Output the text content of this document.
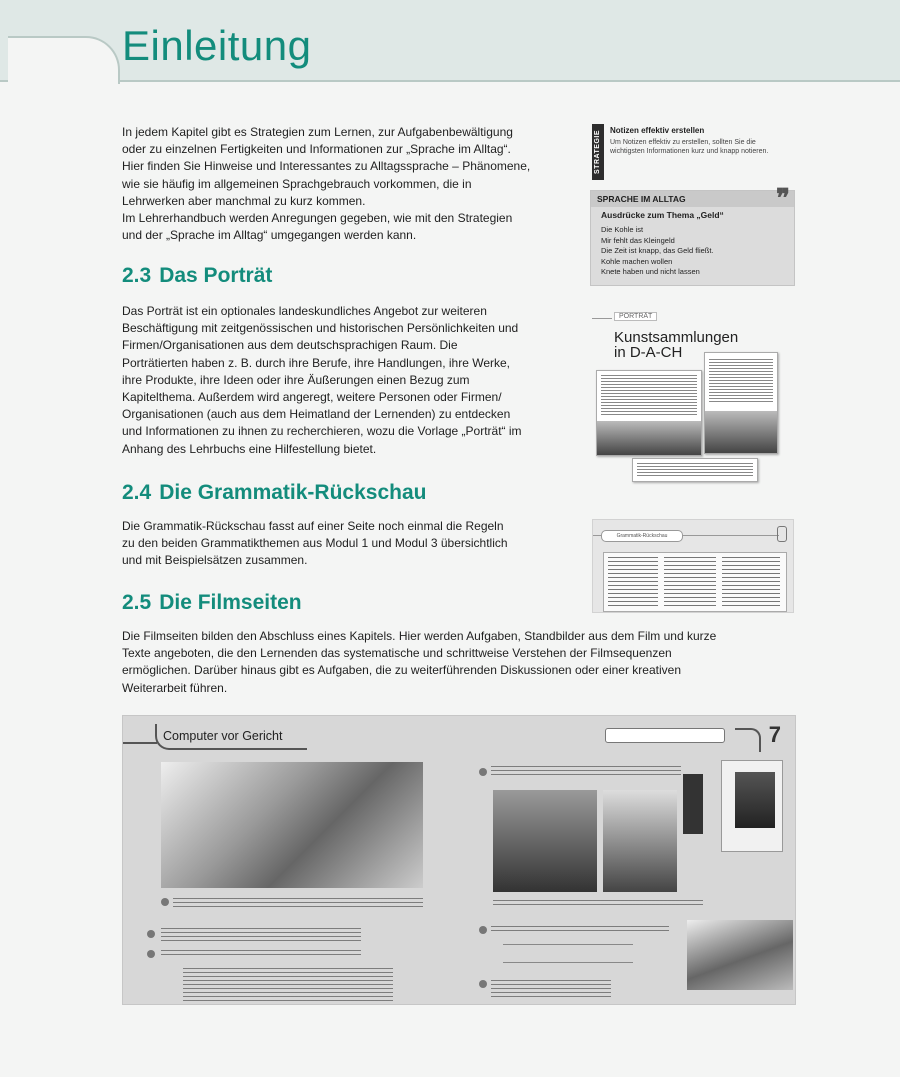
Einleitung

In jedem Kapitel gibt es Strategien zum Lernen, zur Aufgabenbewältigung

oder zu einzelnen Fertigkeiten und Informationen zur „Sprache im Alltag“.

Hier finden Sie Hinweise und Interessantes zu Alltagssprache – Phänomene,

wie sie häufig im allgemeinen Sprachgebrauch vorkommen, die in

Lehrwerken aber manchmal zu kurz kommen.

Im Lehrerhandbuch werden Anregungen gegeben, wie mit den Strategien

und der „Sprache im Alltag“ umgegangen werden kann.

2.3 Das Porträt

Das Porträt ist ein optionales landeskundliches Angebot zur weiteren

Beschäftigung mit zeitgenössischen und historischen Persönlichkeiten und

Firmen/Organisationen aus dem deutschsprachigen Raum. Die

Porträtierten haben z. B. durch ihre Berufe, ihre Handlungen, ihre Werke,

ihre Produkte, ihre Ideen oder ihre Äußerungen einen Bezug zum

Kapitelthema. Außerdem wird angeregt, weitere Personen oder Firmen/

Organisationen (auch aus dem Heimatland der Lernenden) zu entdecken

und Informationen zu ihnen zu recherchieren, wozu die Vorlage „Porträt“ im

Anhang des Lehrbuchs eine Hilfestellung bietet.

2.4 Die Grammatik-Rückschau

Die Grammatik-Rückschau fasst auf einer Seite noch einmal die Regeln

zu den beiden Grammatikthemen aus Modul 1 und Modul 3 übersichtlich

und mit Beispielsätzen zusammen.

2.5 Die Filmseiten

Die Filmseiten bilden den Abschluss eines Kapitels. Hier werden Aufgaben, Standbilder aus dem Film und kurze

Texte angeboten, die den Lernenden das systematische und schrittweise Verstehen der Filmsequenzen

ermöglichen. Darüber hinaus gibt es Aufgaben, die zu weiterführenden Diskussionen oder einer kreativen

Weiterarbeit führen.

STRATEGIE	Notizen effektiv erstellen
Um Notizen effektiv zu erstellen, sollten Sie die wichtigsten Informationen kurz und knapp notieren.
SPRACHE IM ALLTAG	❞
Ausdrücke zum Thema „Geld“
Die Kohle ist
Mir fehlt das Kleingeld
Die Zeit ist knapp, das Geld fließt.
Kohle machen wollen
Knete haben und nicht lassen
PORTRÄT
Kunstsammlungen
in D-A-CH
Grammatik-Rückschau
Computer vor Gericht	7
